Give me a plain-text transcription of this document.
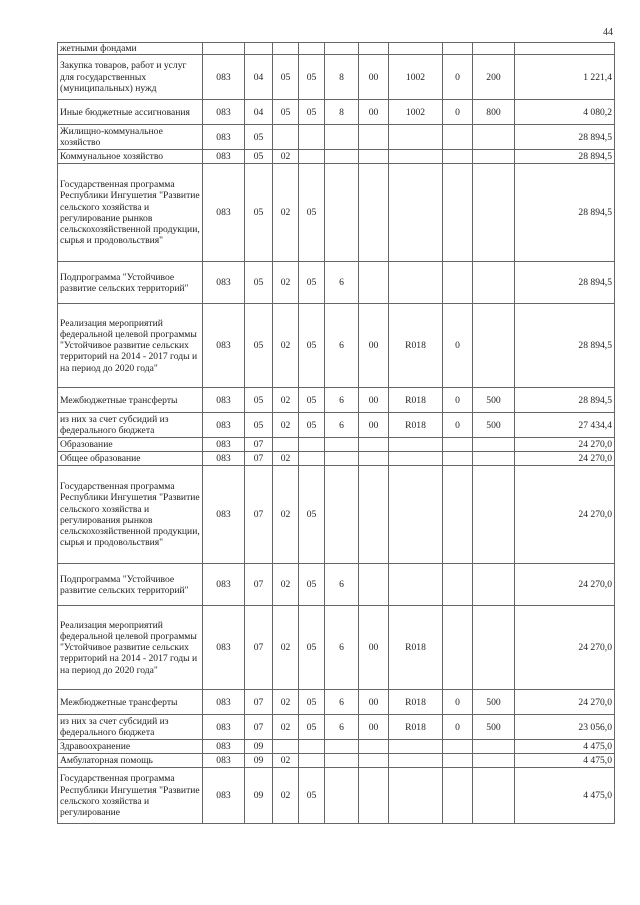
44
жетными фондами										
Закупка товаров, работ и услуг для государственных (муниципальных) нужд	083	04	05	05	8	00	1002	0	200	1 221,4
Иные бюджетные ассигнования	083	04	05	05	8	00	1002	0	800	4 080,2
Жилищно-коммунальное хозяйство	083	05								28 894,5
Коммунальное хозяйство	083	05	02							28 894,5
Государственная программа Республики Ингушетия "Развитие сельского хозяйства и регулирование рынков сельскохозяйственной продукции, сырья и продовольствия"	083	05	02	05						28 894,5
Подпрограмма "Устойчивое развитие сельских территорий"	083	05	02	05	6					28 894,5
Реализация мероприятий федеральной целевой программы "Устойчивое развитие сельских территорий на 2014 - 2017 годы и на период до 2020 года"	083	05	02	05	6	00	R018	0		28 894,5
Межбюджетные трансферты	083	05	02	05	6	00	R018	0	500	28 894,5
из них за счет субсидий из федерального бюджета	083	05	02	05	6	00	R018	0	500	27 434,4
Образование	083	07								24 270,0
Общее образование	083	07	02							24 270,0
Государственная программа Республики Ингушетия "Развитие сельского хозяйства и регулирования рынков сельскохозяйственной продукции, сырья и продовольствия"	083	07	02	05						24 270,0
Подпрограмма "Устойчивое развитие сельских территорий"	083	07	02	05	6					24 270,0
Реализация мероприятий федеральной целевой программы "Устойчивое развитие сельских территорий на 2014 - 2017 годы и на период до 2020 года"	083	07	02	05	6	00	R018			24 270,0
Межбюджетные трансферты	083	07	02	05	6	00	R018	0	500	24 270,0
из них за счет субсидий из федерального бюджета	083	07	02	05	6	00	R018	0	500	23 056,0
Здравоохранение	083	09								4 475,0
Амбулаторная помощь	083	09	02							4 475,0
Государственная программа Республики Ингушетия "Развитие сельского хозяйства и регулирование	083	09	02	05						4 475,0
